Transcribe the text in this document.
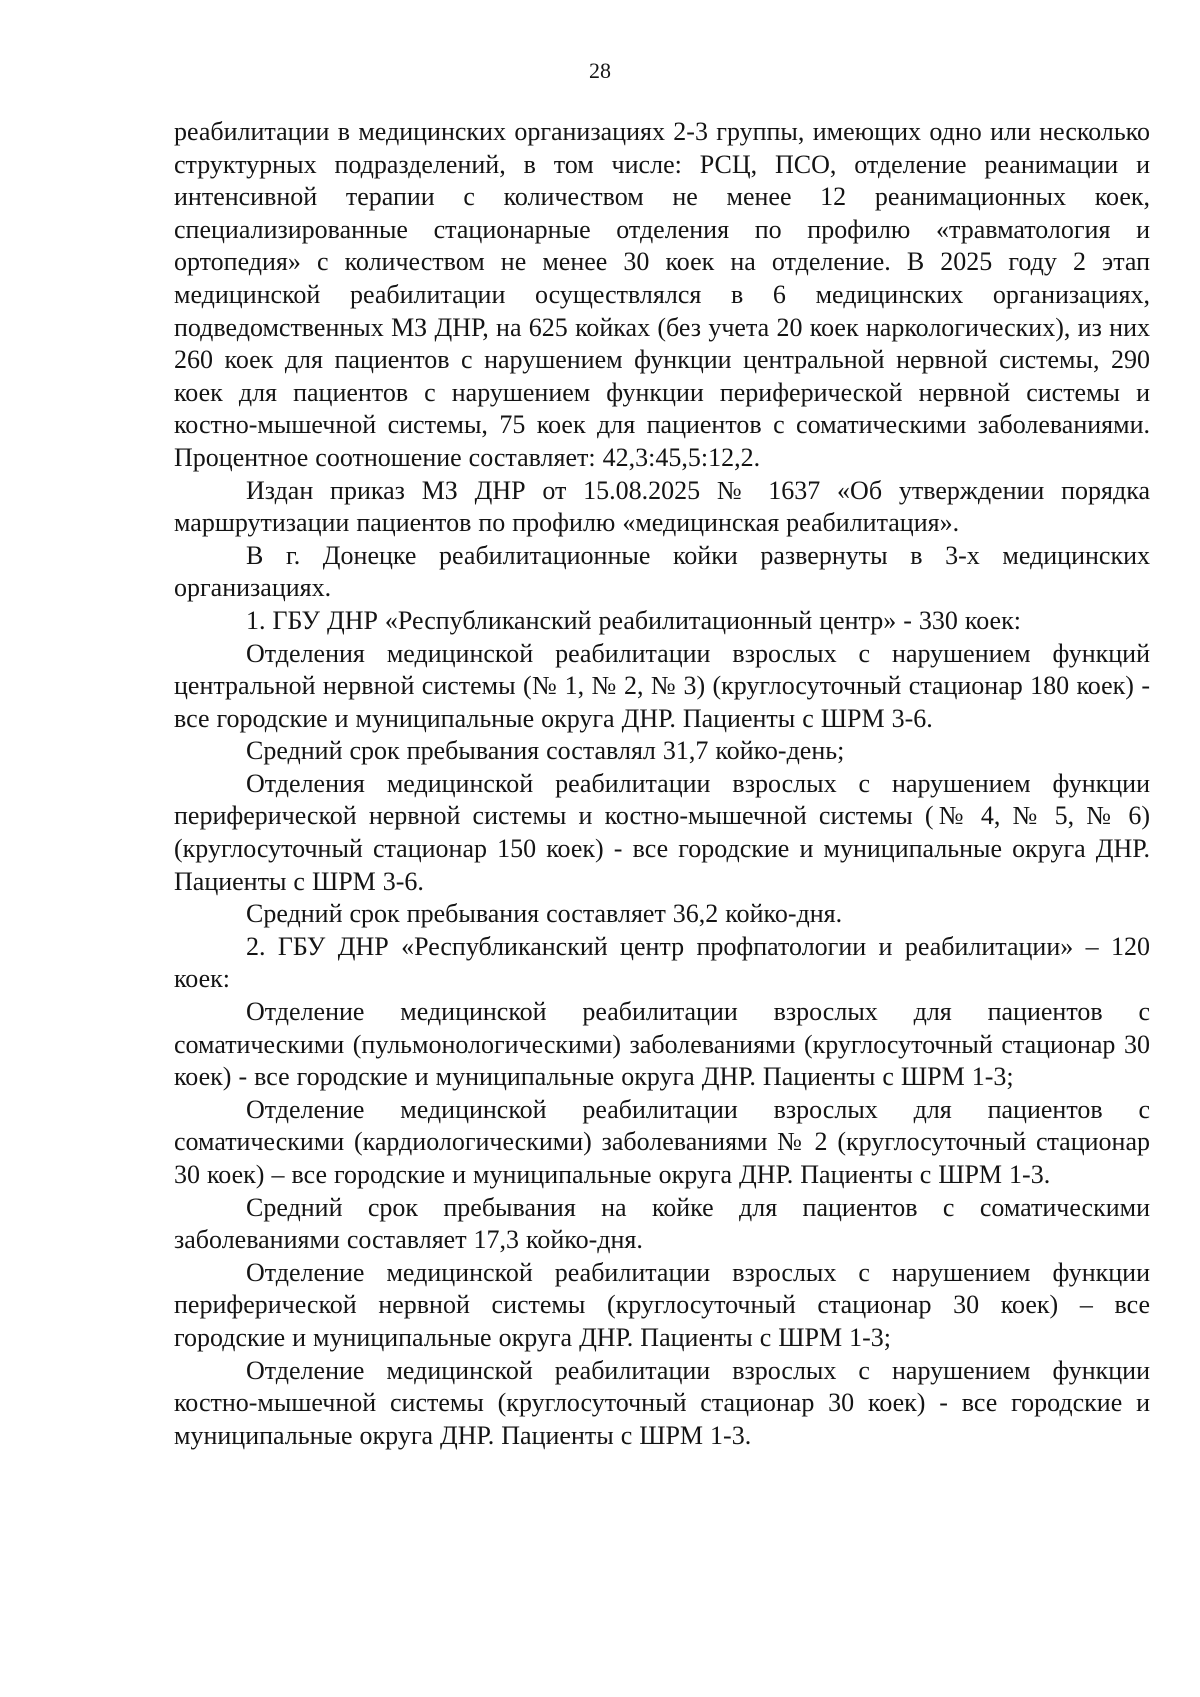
28

реабилитации в медицинских организациях 2-3 группы, имеющих одно или несколько структурных подразделений, в том числе: РСЦ, ПСО, отделение реанимации и интенсивной терапии с количеством не менее 12 реанимационных коек, специализированные стационарные отделения по профилю «травматология и ортопедия» с количеством не менее 30 коек на отделение. В 2025 году 2 этап медицинской реабилитации осуществлялся в 6 медицинских организациях, подведомственных МЗ ДНР, на 625 койках (без учета 20 коек наркологических), из них 260 коек для пациентов с нарушением функции центральной нервной системы, 290 коек для пациентов с нарушением функции периферической нервной системы и костно-мышечной системы, 75 коек для пациентов с соматическими заболеваниями. Процентное соотношение составляет: 42,3:45,5:12,2.

Издан приказ МЗ ДНР от 15.08.2025 № 1637 «Об утверждении порядка маршрутизации пациентов по профилю «медицинская реабилитация».

В г. Донецке реабилитационные койки развернуты в 3-х медицинских организациях.

1. ГБУ ДНР «Республиканский реабилитационный центр» - 330 коек:

Отделения медицинской реабилитации взрослых с нарушением функций центральной нервной системы (№ 1, № 2, № 3) (круглосуточный стационар 180 коек) - все городские и муниципальные округа ДНР. Пациенты с ШРМ 3-6.

Средний срок пребывания составлял 31,7 койко-день;

Отделения медицинской реабилитации взрослых с нарушением функции периферической нервной системы и костно-мышечной системы (№ 4, № 5, № 6) (круглосуточный стационар 150 коек) - все городские и муниципальные округа ДНР. Пациенты с ШРМ 3-6.

Средний срок пребывания составляет 36,2 койко-дня.

2. ГБУ ДНР «Республиканский центр профпатологии и реабилитации» – 120 коек:

Отделение медицинской реабилитации взрослых для пациентов с соматическими (пульмонологическими) заболеваниями (круглосуточный стационар 30 коек) - все городские и муниципальные округа ДНР. Пациенты с ШРМ 1-3;

Отделение медицинской реабилитации взрослых для пациентов с соматическими (кардиологическими) заболеваниями № 2 (круглосуточный стационар 30 коек) – все городские и муниципальные округа ДНР. Пациенты с ШРМ 1-3.

Средний срок пребывания на койке для пациентов с соматическими заболеваниями составляет 17,3 койко-дня.

Отделение медицинской реабилитации взрослых с нарушением функции периферической нервной системы (круглосуточный стационар 30 коек) – все городские и муниципальные округа ДНР. Пациенты с ШРМ 1-3;

Отделение медицинской реабилитации взрослых с нарушением функции костно-мышечной системы (круглосуточный стационар 30 коек) - все городские и муниципальные округа ДНР. Пациенты с ШРМ 1-3.
